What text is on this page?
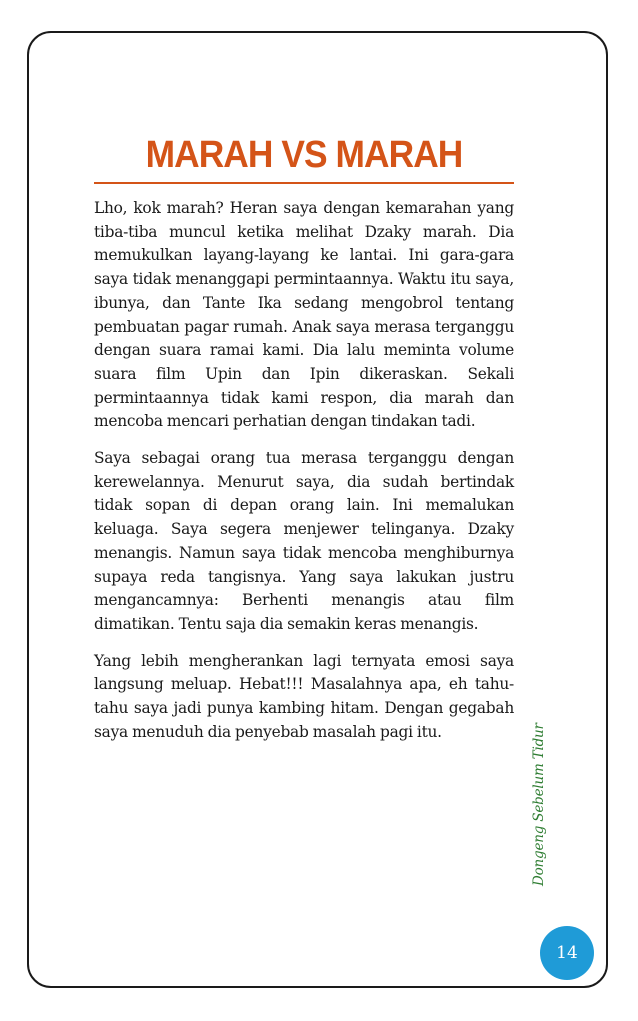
MARAH VS MARAH

Lho, kok marah? Heran saya dengan kemarahan yang tiba-tiba muncul ketika melihat Dzaky marah. Dia memukulkan layang-layang ke lantai. Ini gara-gara saya tidak menanggapi permintaannya. Waktu itu saya, ibunya, dan Tante Ika sedang mengobrol tentang pembuatan pagar rumah. Anak saya merasa terganggu dengan suara ramai kami. Dia lalu meminta volume suara film Upin dan Ipin dikeraskan. Sekali permintaannya tidak kami respon, dia marah dan mencoba mencari perhatian dengan tindakan tadi.

Saya sebagai orang tua merasa terganggu dengan kerewelannya. Menurut saya, dia sudah bertindak tidak sopan di depan orang lain. Ini memalukan keluaga. Saya segera menjewer telinganya. Dzaky menangis. Namun saya tidak mencoba menghiburnya supaya reda tangisnya. Yang saya lakukan justru mengancamnya: Berhenti menangis atau film dimatikan. Tentu saja dia semakin keras menangis.

Yang lebih mengherankan lagi ternyata emosi saya langsung meluap. Hebat!!! Masalahnya apa, eh tahu-tahu saya jadi punya kambing hitam. Dengan gegabah saya menuduh dia penyebab masalah pagi itu.	Dongeng Sebelum Tidur
14
